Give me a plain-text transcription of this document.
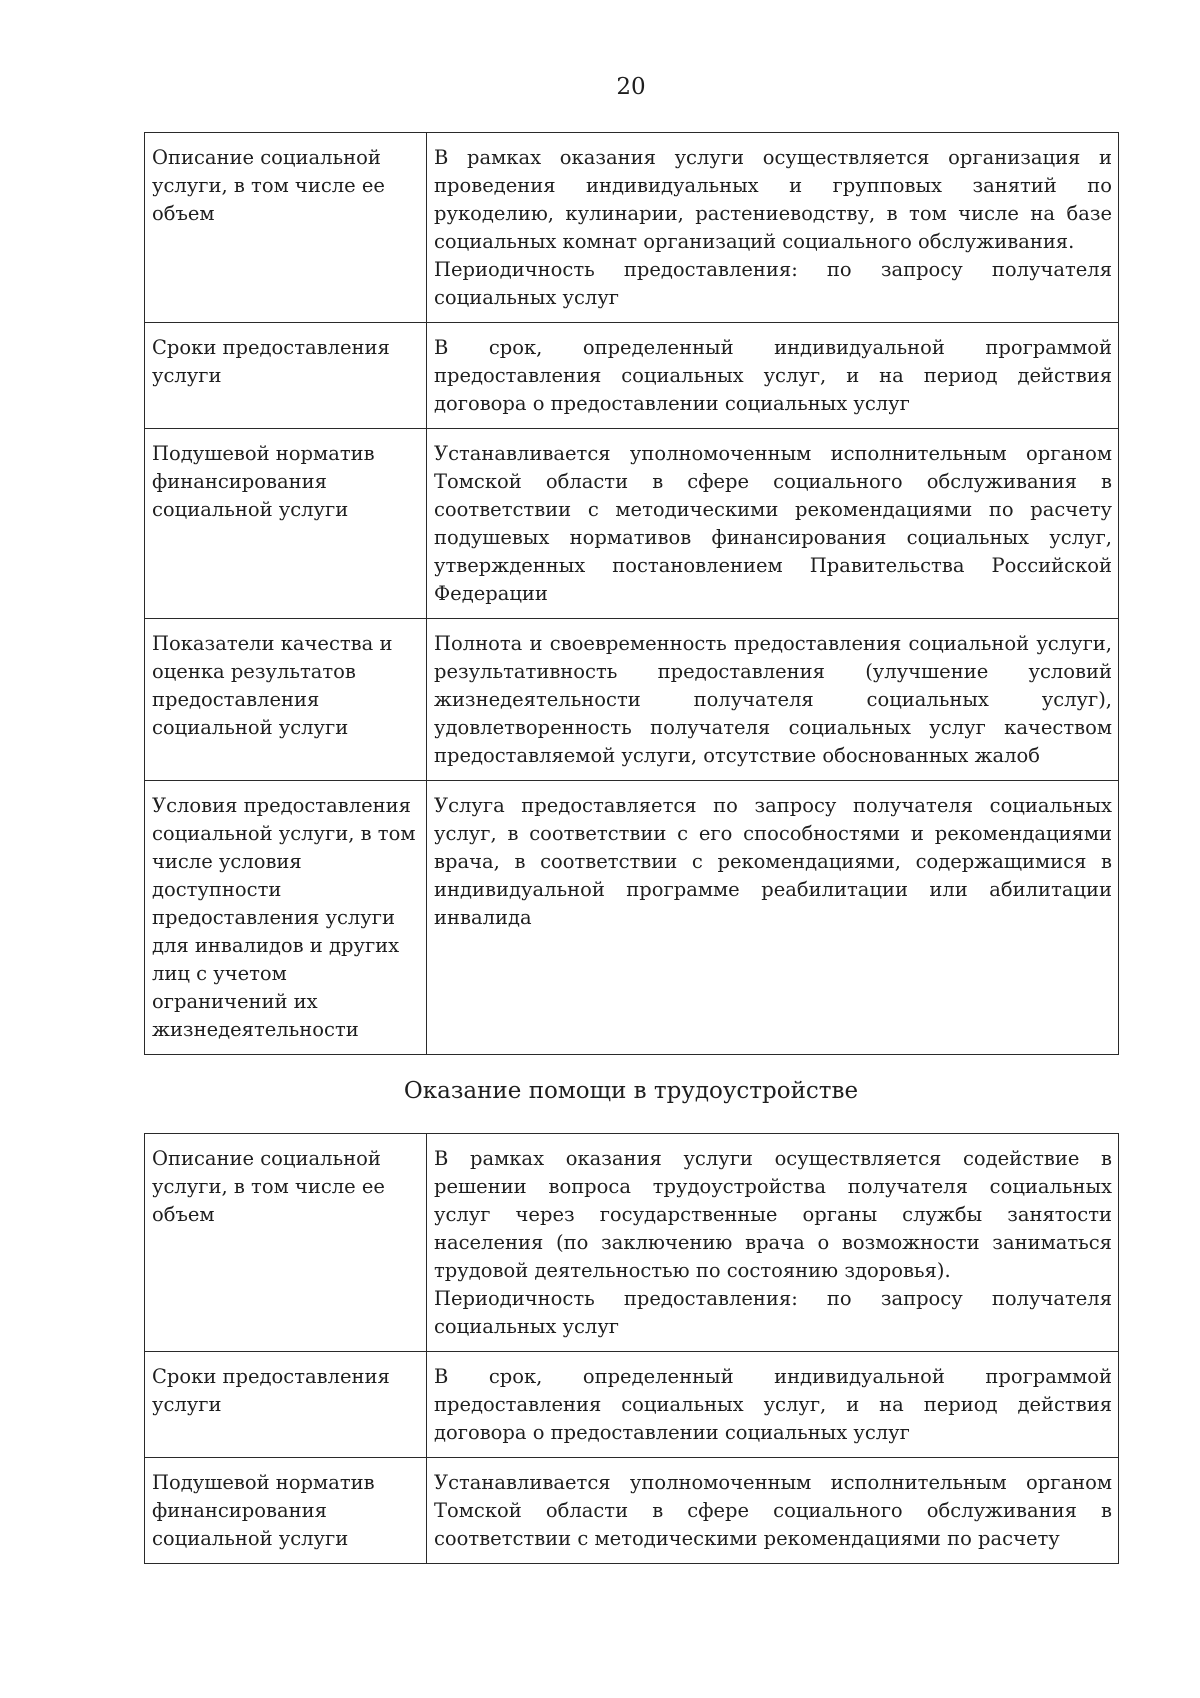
20
Описание социальной услуги, в том числе ее объем	В рамках оказания услуги осуществляется организация и проведения индивидуальных и групповых занятий по рукоделию, кулинарии, растениеводству, в том числе на базе социальных комнат организаций социального обслуживания.
Периодичность предоставления: по запросу получателя социальных услуг

Сроки предоставления услуги	В срок, определенный индивидуальной программой предоставления социальных услуг, и на период действия договора о предоставлении социальных услуг

Подушевой норматив финансирования социальной услуги	Устанавливается уполномоченным исполнительным органом Томской области в сфере социального обслуживания в соответствии с методическими рекомендациями по расчету подушевых нормативов финансирования социальных услуг, утвержденных постановлением Правительства Российской Федерации

Показатели качества и оценка результатов предоставления социальной услуги	Полнота и своевременность предоставления социальной услуги, результативность предоставления (улучшение условий жизнедеятельности получателя социальных услуг), удовлетворенность получателя социальных услуг качеством предоставляемой услуги, отсутствие обоснованных жалоб

Условия предоставления социальной услуги, в том числе условия доступности предоставления услуги для инвалидов и других лиц с учетом ограничений их жизнедеятельности	Услуга предоставляется по запросу получателя социальных услуг, в соответствии с его способностями и рекомендациями врача, в соответствии с рекомендациями, содержащимися в индивидуальной программе реабилитации или абилитации инвалида
Оказание помощи в трудоустройстве
Описание социальной услуги, в том числе ее объем	В рамках оказания услуги осуществляется содействие в решении вопроса трудоустройства получателя социальных услуг через государственные органы службы занятости населения (по заключению врача о возможности заниматься трудовой деятельностью по состоянию здоровья).
Периодичность предоставления: по запросу получателя социальных услуг

Сроки предоставления услуги	В срок, определенный индивидуальной программой предоставления социальных услуг, и на период действия договора о предоставлении социальных услуг

Подушевой норматив финансирования социальной услуги	Устанавливается уполномоченным исполнительным органом Томской области в сфере социального обслуживания в соответствии с методическими рекомендациями по расчету
